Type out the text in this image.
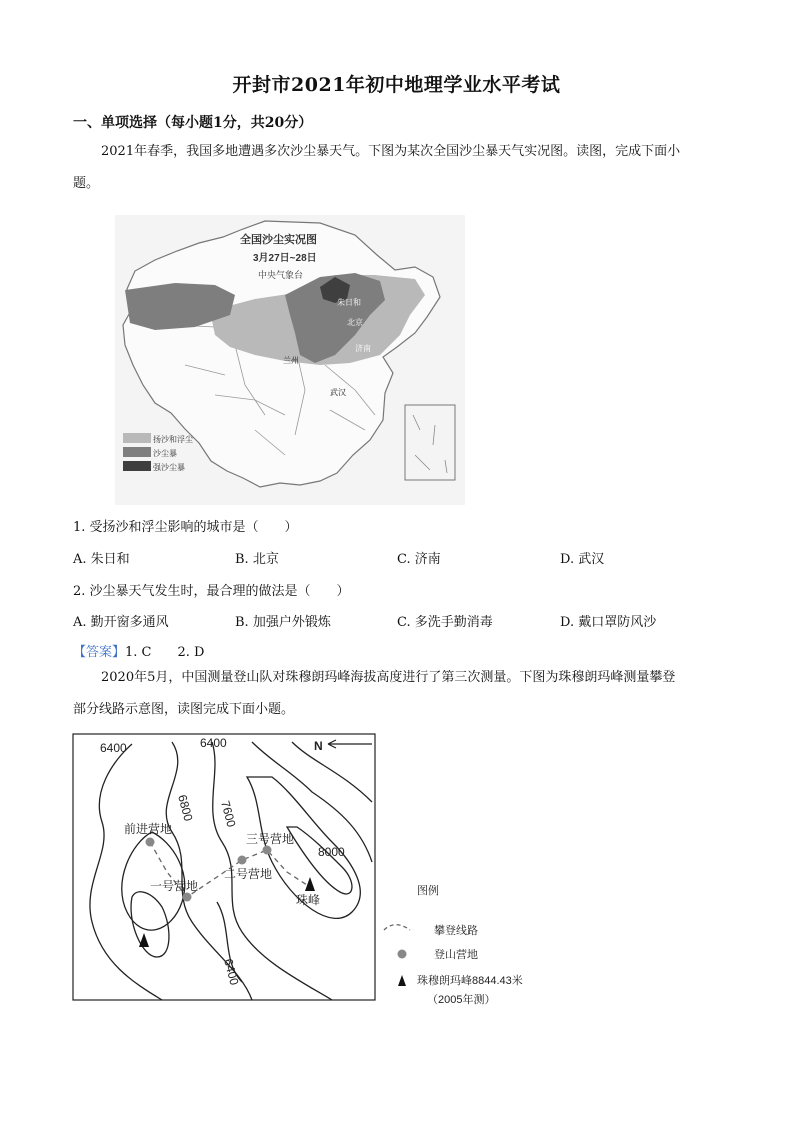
开封市2021年初中地理学业水平考试
一、单项选择（每小题1分，共20分）
2021年春季，我国多地遭遇多次沙尘暴天气。下图为某次全国沙尘暴天气实况图。读图，完成下面小
题。
全国沙尘实况图
3月27日~28日
中央气象台
朱日和
北京
济南
兰州
武汉
扬沙和浮尘
沙尘暴
强沙尘暴
1. 受扬沙和浮尘影响的城市是（　　）
A. 朱日和	B. 北京	C. 济南	D. 武汉
2. 沙尘暴天气发生时，最合理的做法是（　　）
A. 勤开窗多通风	B. 加强户外锻炼	C. 多洗手勤消毒	D. 戴口罩防风沙
【答案】1. C　　2. D
2020年5月，中国测量登山队对珠穆朗玛峰海拔高度进行了第三次测量。下图为珠穆朗玛峰测量攀登
部分线路示意图，读图完成下面小题。
6400	6400
6800 7600
8000
6400
N
前进营地
一号营地
二号营地
三号营地
珠峰
图例
攀登线路
登山营地
珠穆朗玛峰8844.43米
（2005年测）
